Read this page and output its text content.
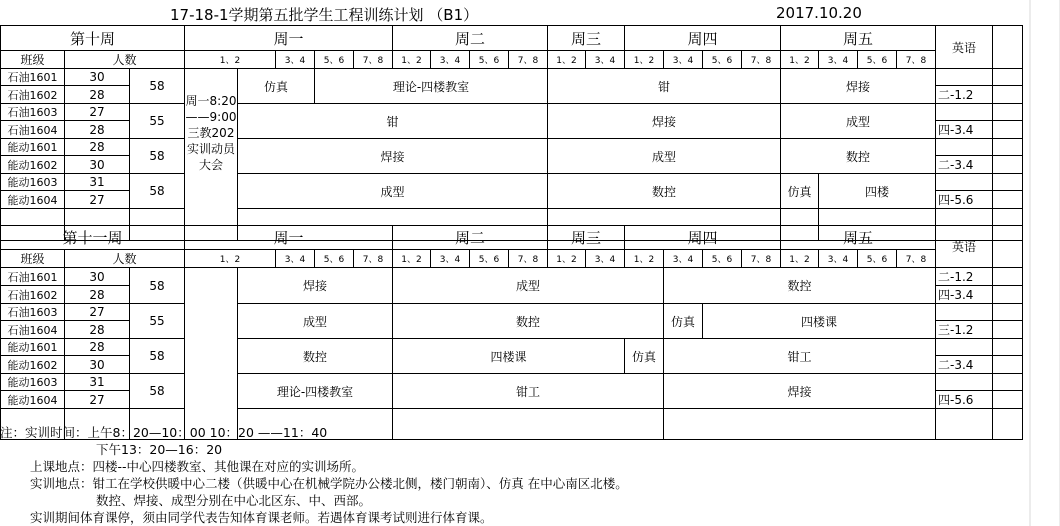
17-18-1学期第五批学生工程训练计划 （B1）	2017.10.20
第十周			周一					周二				周三		周四				周五				英语	
班级	人数		1、2		3、4	5、6	7、8	1、2	3、4	5、6	7、8	1、2	3、4	1、2	3、4	5、6	7、8	1、2	3、4	5、6	7、8		
石油1601	30	58	周一8:20——9:00三教202实训动员大会	仿真		理论-四楼教室						钳						焊接					
石油1602	28																					二-1.2	
石油1603	27	55		钳								焊接						成型					
石油1604	28																					四-3.4	
能动1601	28	58		焊接								成型						数控					
能动1602	30																					二-3.4	
能动1603	31	58		成型								数控						仿真	四楼				
能动1604	27																					四-5.6	

第十一周			周一					周二				周三		周四				周五				英语	
班级	人数		1、2		3、4	5、6	7、8	1、2	3、4	5、6	7、8	1、2	3、4	1、2	3、4	5、6	7、8	1、2	3、4	5、6	7、8		
石油1601	30	58		焊接				成型							数控							二-1.2	
石油1602	28																					四-3.4	
石油1603	27	55		成型				数控							仿真	四楼课							
石油1604	28																					三-1.2	
能动1601	28	58		数控				四楼课						仿真	钳工								
能动1602	30																					二-3.4	
能动1603	31	58		理论-四楼教室				钳工							焊接								
能动1604	27																					四-5.6	

注：实训时间：上午8：20—10：00 10：20 ——11：40
下午13：20—16：20
上课地点：四楼--中心四楼教室、其他课在对应的实训场所。
实训地点：钳工在学校供暖中心二楼（供暖中心在机械学院办公楼北侧，楼门朝南）、仿真 在中心南区北楼。
数控、焊接、成型分别在中心北区东、中、西部。
实训期间体育课停，须由同学代表告知体育课老师。若遇体育课考试则进行体育课。
